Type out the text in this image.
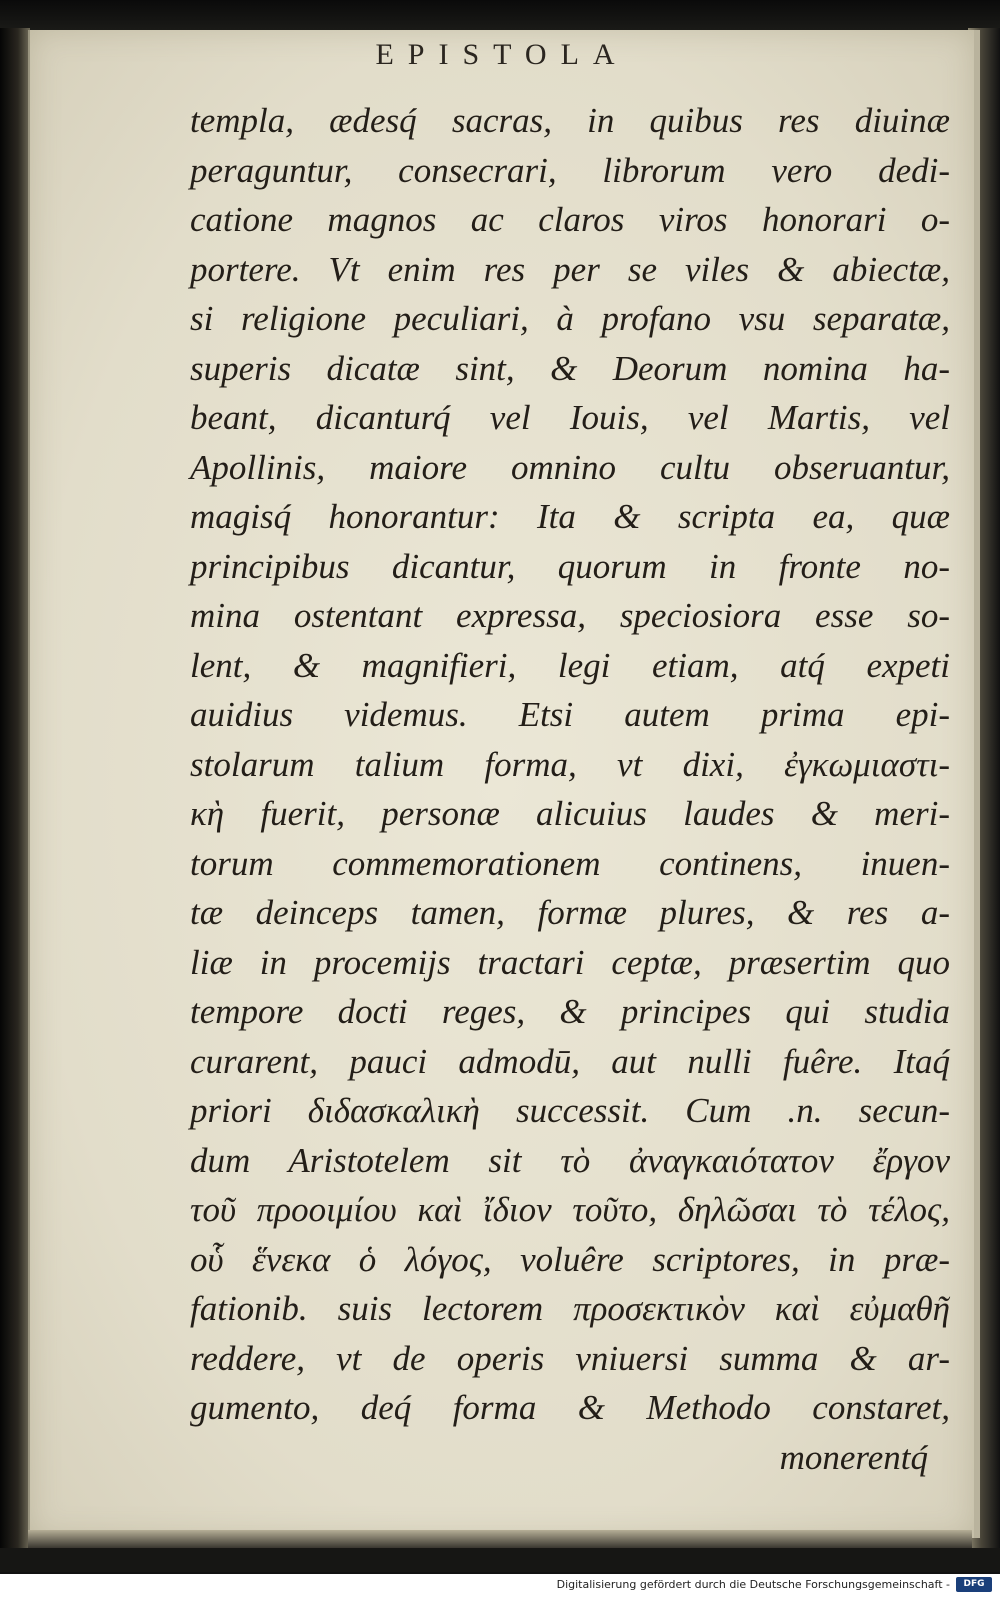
EPISTOLA
templa, ædesq́ sacras, in quibus res diuinæ
peraguntur, consecrari, librorum vero dedi-
catione magnos ac claros viros honorari o-
portere. Vt enim res per se viles & abiectæ,
si religione peculiari, à profano vsu separatæ,
superis dicatæ sint, & Deorum nomina ha-
beant, dicanturq́ vel Iouis, vel Martis, vel
Apollinis, maiore omnino cultu obseruantur,
magisq́ honorantur: Ita & scripta ea, quæ
principibus dicantur, quorum in fronte no-
mina ostentant expressa, speciosiora esse so-
lent, & magnifieri, legi etiam, atq́ expeti
auidius videmus. Etsi autem prima epi-
stolarum talium forma, vt dixi, ἐγκωμιαστι-
κὴ fuerit, personæ alicuius laudes & meri-
torum commemorationem continens, inuen-
tæ deinceps tamen, formæ plures, & res a-
liæ in procemijs tractari ceptæ, præsertim quo
tempore docti reges, & principes qui studia
curarent, pauci admodū, aut nulli fuêre. Itaq́
priori διδασκαλικὴ successit. Cum .n. secun-
dum Aristotelem sit τὸ ἀναγκαιότατον ἔργον
τοῦ προοιμίου καὶ ἴδιον τοῦτο, δηλῶσαι τὸ τέλος,
οὗ ἕνεκα ὁ λόγος, voluêre scriptores, in præ-
fationib. suis lectorem προσεκτικὸν καὶ εὐμαθῆ
reddere, vt de operis vniuersi summa & ar-
gumento, deq́ forma & Methodo constaret,
monerentq́
Digitalisierung gefördert durch die Deutsche Forschungsgemeinschaft -	DFG
